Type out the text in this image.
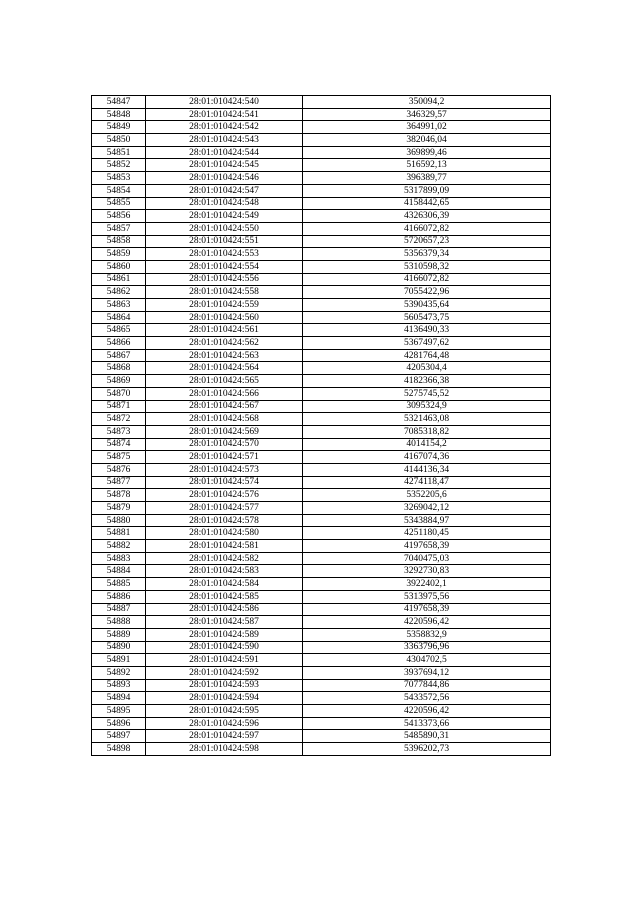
54847	28:01:010424:540	350094,2
54848	28:01:010424:541	346329,57
54849	28:01:010424:542	364991,02
54850	28:01:010424:543	382046,04
54851	28:01:010424:544	369899,46
54852	28:01:010424:545	516592,13
54853	28:01:010424:546	396389,77
54854	28:01:010424:547	5317899,09
54855	28:01:010424:548	4158442,65
54856	28:01:010424:549	4326306,39
54857	28:01:010424:550	4166072,82
54858	28:01:010424:551	5720657,23
54859	28:01:010424:553	5356379,34
54860	28:01:010424:554	5310598,32
54861	28:01:010424:556	4166072,82
54862	28:01:010424:558	7055422,96
54863	28:01:010424:559	5390435,64
54864	28:01:010424:560	5605473,75
54865	28:01:010424:561	4136490,33
54866	28:01:010424:562	5367497,62
54867	28:01:010424:563	4281764,48
54868	28:01:010424:564	4205304,4
54869	28:01:010424:565	4182366,38
54870	28:01:010424:566	5275745,52
54871	28:01:010424:567	3095324,9
54872	28:01:010424:568	5321463,08
54873	28:01:010424:569	7085318,82
54874	28:01:010424:570	4014154,2
54875	28:01:010424:571	4167074,36
54876	28:01:010424:573	4144136,34
54877	28:01:010424:574	4274118,47
54878	28:01:010424:576	5352205,6
54879	28:01:010424:577	3269042,12
54880	28:01:010424:578	5343884,97
54881	28:01:010424:580	4251180,45
54882	28:01:010424:581	4197658,39
54883	28:01:010424:582	7040475,03
54884	28:01:010424:583	3292730,83
54885	28:01:010424:584	3922402,1
54886	28:01:010424:585	5313975,56
54887	28:01:010424:586	4197658,39
54888	28:01:010424:587	4220596,42
54889	28:01:010424:589	5358832,9
54890	28:01:010424:590	3363796,96
54891	28:01:010424:591	4304702,5
54892	28:01:010424:592	3937694,12
54893	28:01:010424:593	7077844,86
54894	28:01:010424:594	5433572,56
54895	28:01:010424:595	4220596,42
54896	28:01:010424:596	5413373,66
54897	28:01:010424:597	5485890,31
54898	28:01:010424:598	5396202,73
